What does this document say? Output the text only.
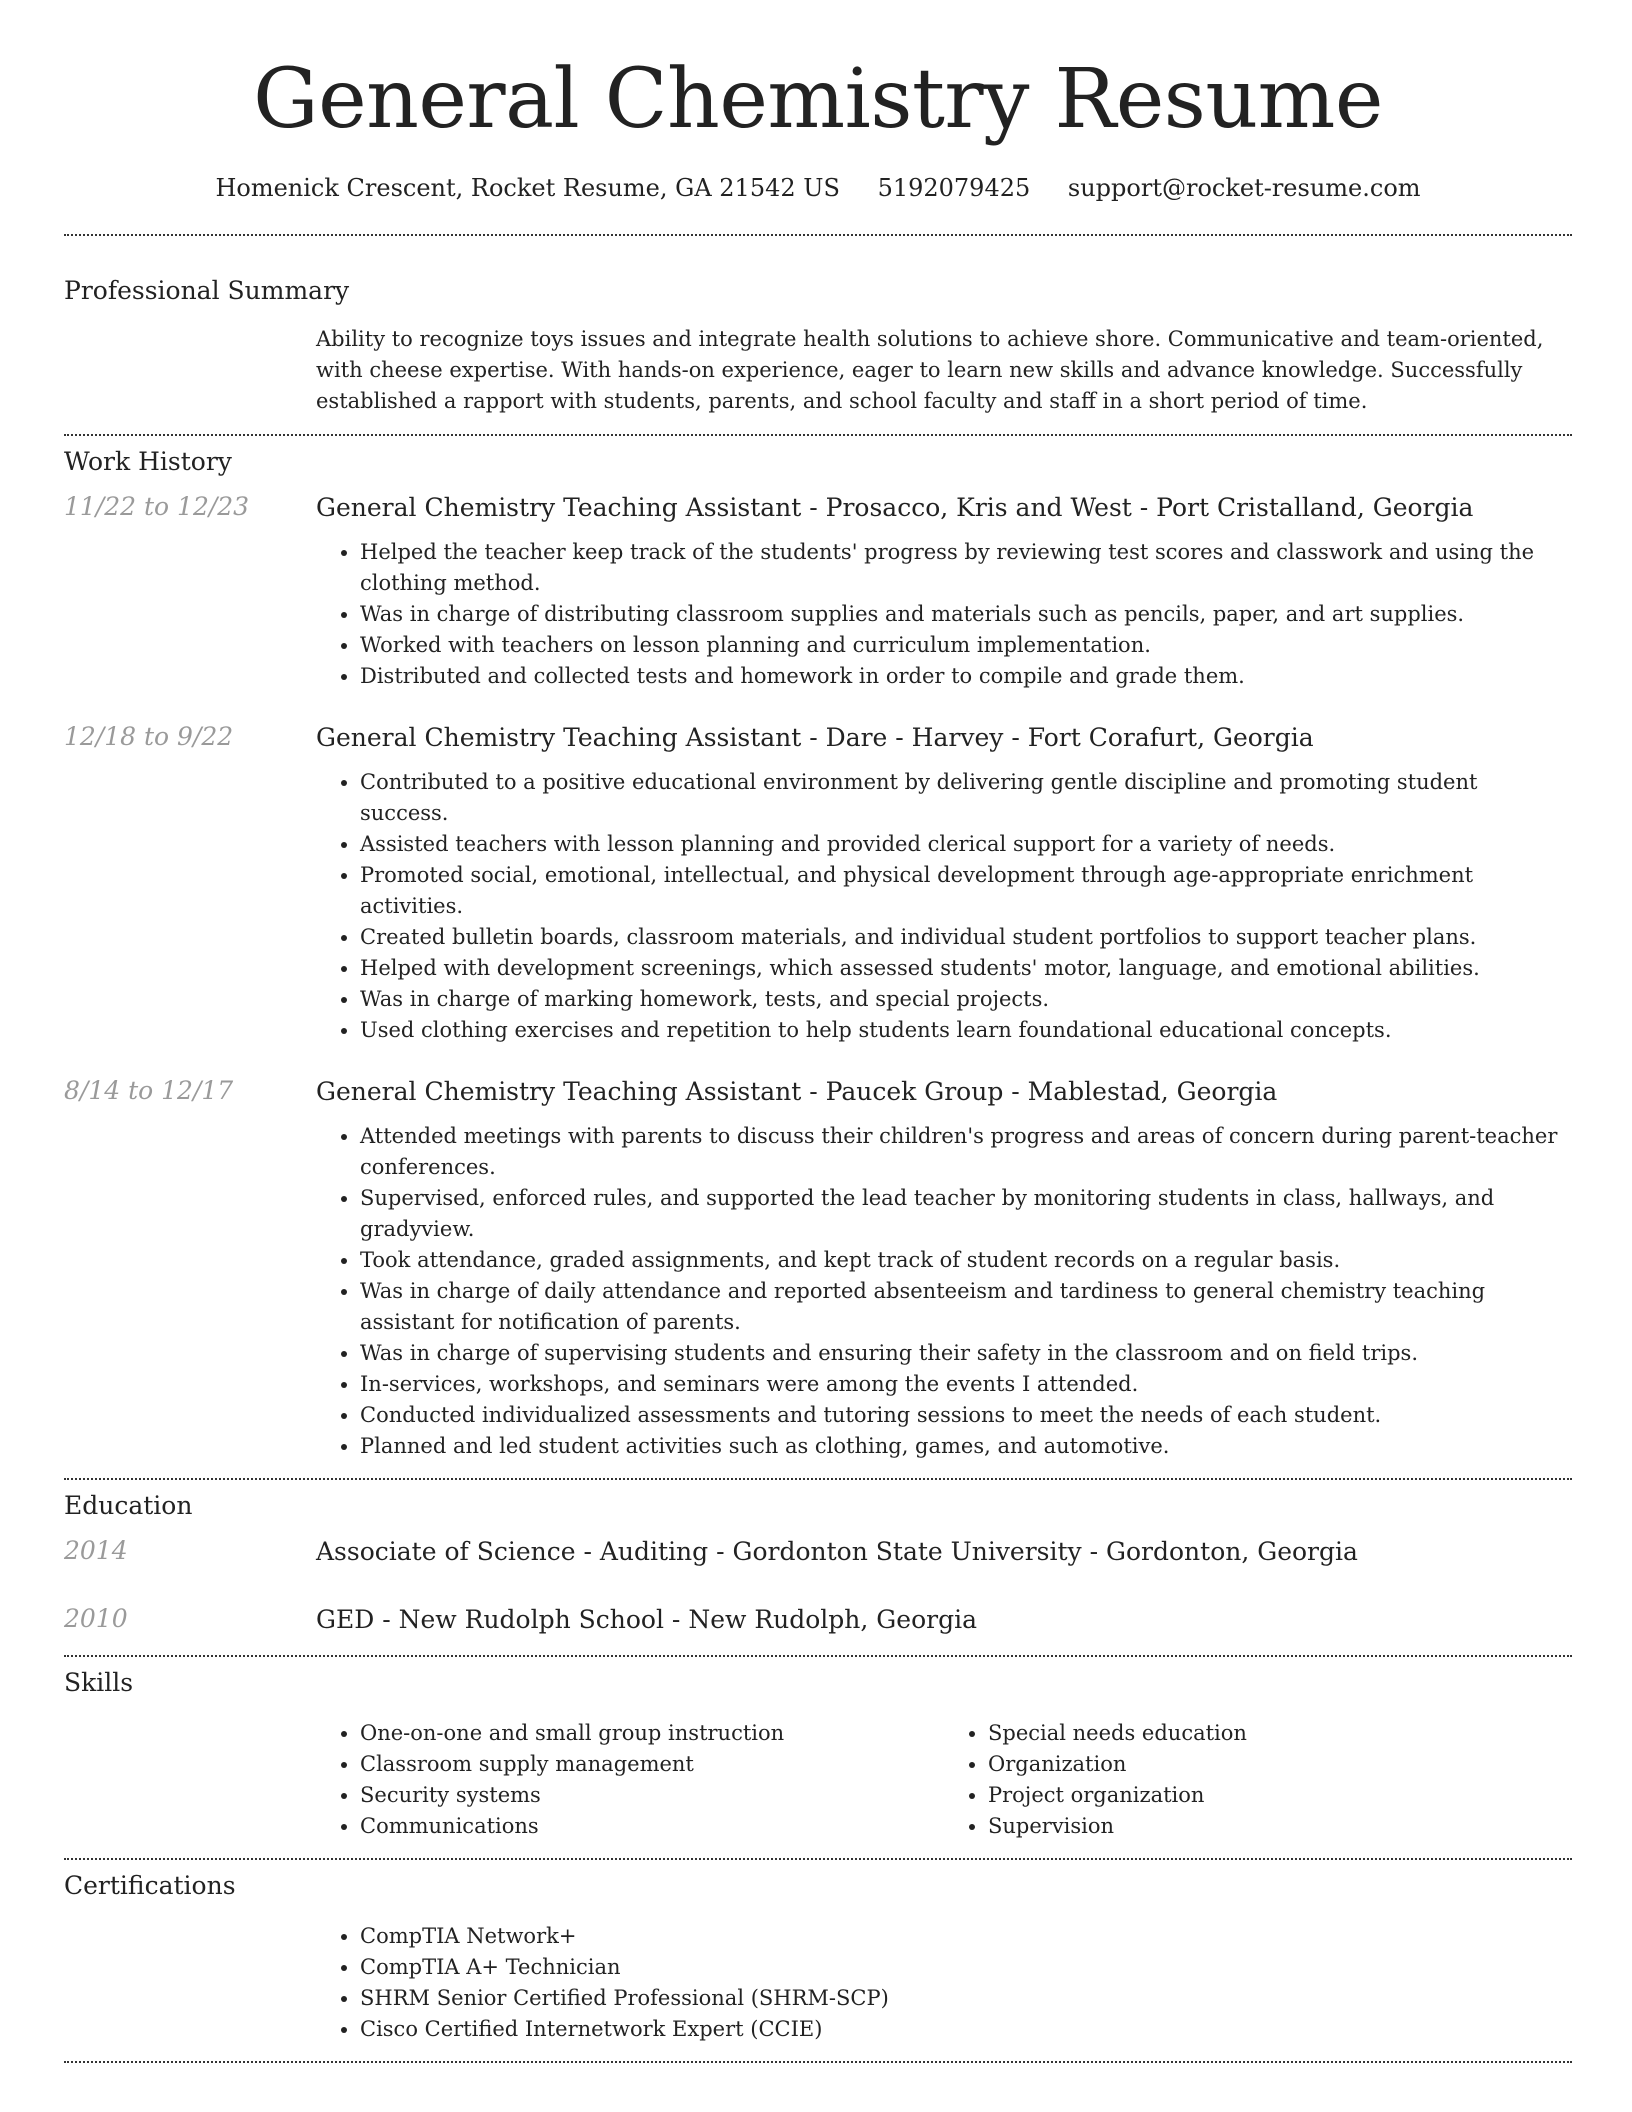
General Chemistry Resume
Homenick Crescent, Rocket Resume, GA 21542 US 5192079425 support@rocket-resume.com
Professional Summary
Ability to recognize toys issues and integrate health solutions to achieve shore. Communicative and team-oriented, with cheese expertise. With hands-on experience, eager to learn new skills and advance knowledge. Successfully established a rapport with students, parents, and school faculty and staff in a short period of time.
Work History
11/22 to 12/23	General Chemistry Teaching Assistant - Prosacco, Kris and West - Port Cristalland, Georgia
• Helped the teacher keep track of the students' progress by reviewing test scores and classwork and using the clothing method.
• Was in charge of distributing classroom supplies and materials such as pencils, paper, and art supplies.
• Worked with teachers on lesson planning and curriculum implementation.
• Distributed and collected tests and homework in order to compile and grade them.
12/18 to 9/22	General Chemistry Teaching Assistant - Dare - Harvey - Fort Corafurt, Georgia
• Contributed to a positive educational environment by delivering gentle discipline and promoting student success.
• Assisted teachers with lesson planning and provided clerical support for a variety of needs.
• Promoted social, emotional, intellectual, and physical development through age-appropriate enrichment activities.
• Created bulletin boards, classroom materials, and individual student portfolios to support teacher plans.
• Helped with development screenings, which assessed students' motor, language, and emotional abilities.
• Was in charge of marking homework, tests, and special projects.
• Used clothing exercises and repetition to help students learn foundational educational concepts.
8/14 to 12/17	General Chemistry Teaching Assistant - Paucek Group - Mablestad, Georgia
• Attended meetings with parents to discuss their children's progress and areas of concern during parent-teacher conferences.
• Supervised, enforced rules, and supported the lead teacher by monitoring students in class, hallways, and gradyview.
• Took attendance, graded assignments, and kept track of student records on a regular basis.
• Was in charge of daily attendance and reported absenteeism and tardiness to general chemistry teaching assistant for notification of parents.
• Was in charge of supervising students and ensuring their safety in the classroom and on field trips.
• In-services, workshops, and seminars were among the events I attended.
• Conducted individualized assessments and tutoring sessions to meet the needs of each student.
• Planned and led student activities such as clothing, games, and automotive.
Education
2014	Associate of Science - Auditing - Gordonton State University - Gordonton, Georgia
2010	GED - New Rudolph School - New Rudolph, Georgia
Skills
• One-on-one and small group instruction
• Classroom supply management
• Security systems
• Communications
• Special needs education
• Organization
• Project organization
• Supervision
Certifications
• CompTIA Network+
• CompTIA A+ Technician
• SHRM Senior Certified Professional (SHRM-SCP)
• Cisco Certified Internetwork Expert (CCIE)
